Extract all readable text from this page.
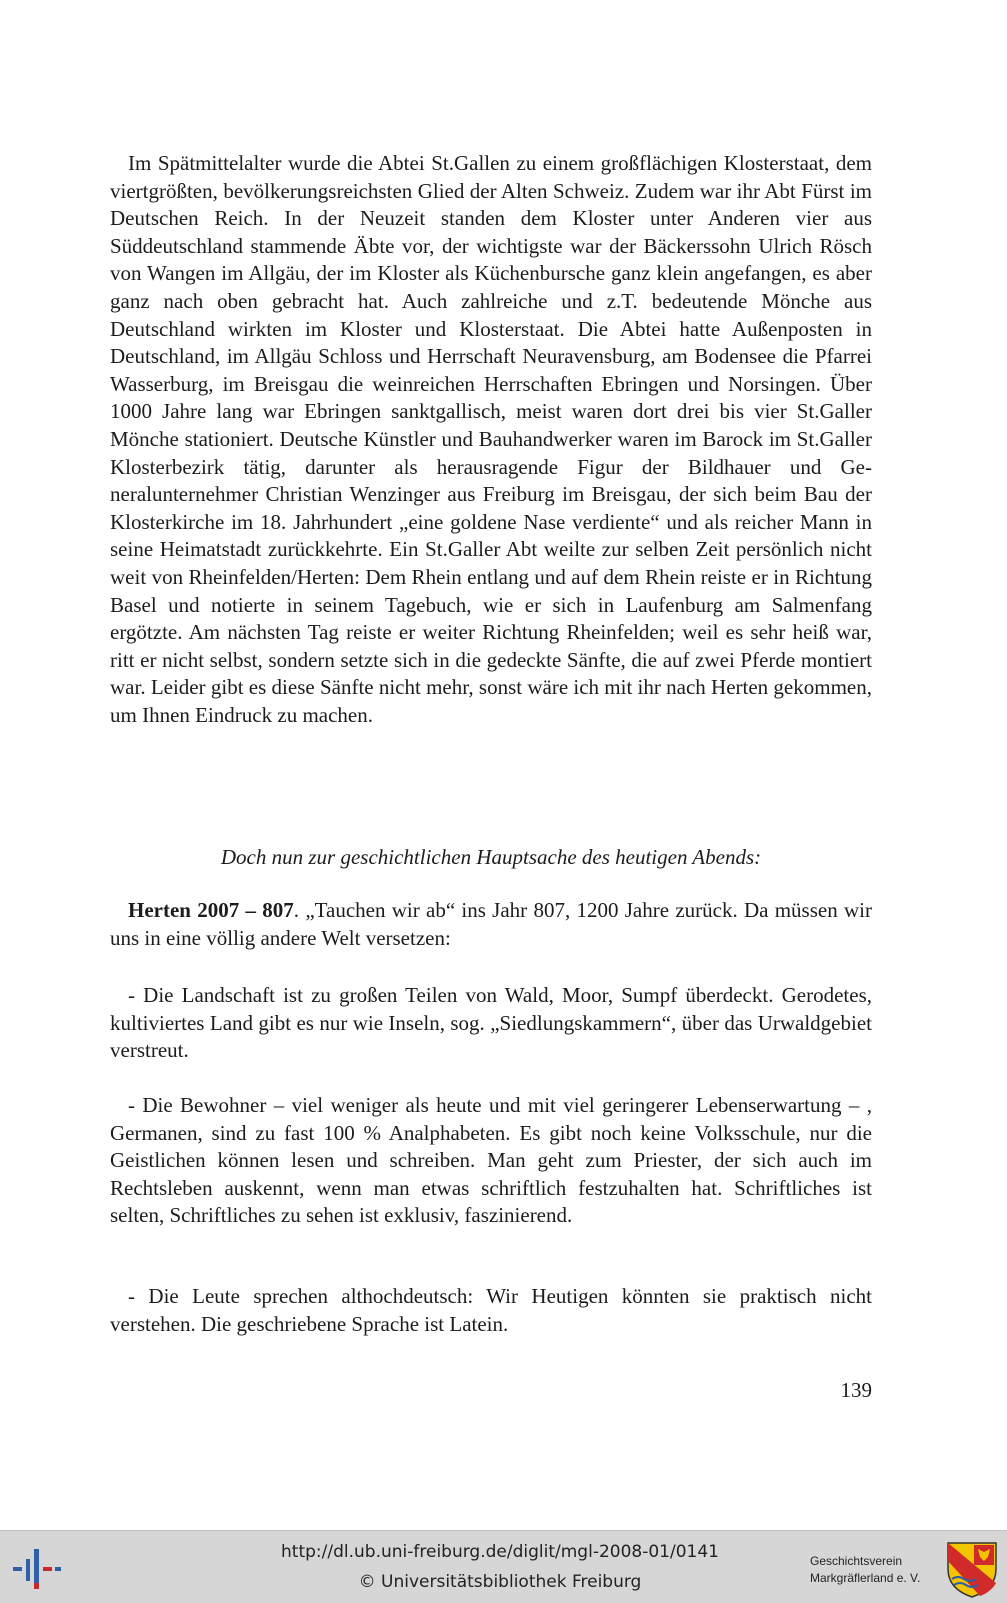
Im Spätmittelalter wurde die Abtei St.Gallen zu einem großflächigen Klosterstaat, dem viertgrößten, bevölkerungsreichsten Glied der Alten Schweiz. Zudem war ihr Abt Fürst im Deutschen Reich. In der Neuzeit standen dem Kloster unter Anderen vier aus Süddeutschland stammende Äbte vor, der wichtigste war der Bäckerssohn Ulrich Rösch von Wangen im Allgäu, der im Kloster als Küchenbursche ganz klein angefangen, es aber ganz nach oben gebracht hat. Auch zahlreiche und z.T. bedeutende Mönche aus Deutschland wirkten im Kloster und Klosterstaat. Die Abtei hatte Außenposten in Deutschland, im Allgäu Schloss und Herrschaft Neuravensburg, am Bodensee die Pfarrei Wasserburg, im Breisgau die weinreichen Herrschaften Ebringen und Norsingen. Über 1000 Jahre lang war Ebringen sanktgallisch, meist waren dort drei bis vier St.Galler Mönche stationiert. Deutsche Künstler und Bauhandwerker waren im Barock im St.Galler Klosterbezirk tätig, darunter als herausragende Figur der Bildhauer und Generalunternehmer Christian Wenzinger aus Freiburg im Breisgau, der sich beim Bau der Klosterkirche im 18. Jahrhundert „eine goldene Nase verdiente“ und als reicher Mann in seine Heimatstadt zurückkehrte. Ein St.Galler Abt weilte zur selben Zeit persönlich nicht weit von Rheinfelden/Herten: Dem Rhein entlang und auf dem Rhein reiste er in Richtung Basel und notierte in seinem Tagebuch, wie er sich in Laufenburg am Salmenfang ergötzte. Am nächsten Tag reiste er weiter Richtung Rheinfelden; weil es sehr heiß war, ritt er nicht selbst, sondern setzte sich in die gedeckte Sänfte, die auf zwei Pferde montiert war. Leider gibt es diese Sänfte nicht mehr, sonst wäre ich mit ihr nach Herten gekommen, um Ihnen Eindruck zu machen.
Doch nun zur geschichtlichen Hauptsache des heutigen Abends:
Herten 2007 – 807. „Tauchen wir ab“ ins Jahr 807, 1200 Jahre zurück. Da müssen wir uns in eine völlig andere Welt versetzen:
- Die Landschaft ist zu großen Teilen von Wald, Moor, Sumpf überdeckt. Gerodetes, kultiviertes Land gibt es nur wie Inseln, sog. „Siedlungskammern“, über das Urwaldgebiet verstreut.
- Die Bewohner – viel weniger als heute und mit viel geringerer Lebenserwartung – , Germanen, sind zu fast 100 % Analphabeten. Es gibt noch keine Volksschule, nur die Geistlichen können lesen und schreiben. Man geht zum Priester, der sich auch im Rechtsleben auskennt, wenn man etwas schriftlich festzuhalten hat. Schriftliches ist selten, Schriftliches zu sehen ist exklusiv, faszinierend.
- Die Leute sprechen althochdeutsch: Wir Heutigen könnten sie praktisch nicht verstehen. Die geschriebene Sprache ist Latein.
139
http://dl.ub.uni-freiburg.de/diglit/mgl-2008-01/0141
© Universitätsbibliothek Freiburg
Geschichtsverein
Markgräflerland e. V.
